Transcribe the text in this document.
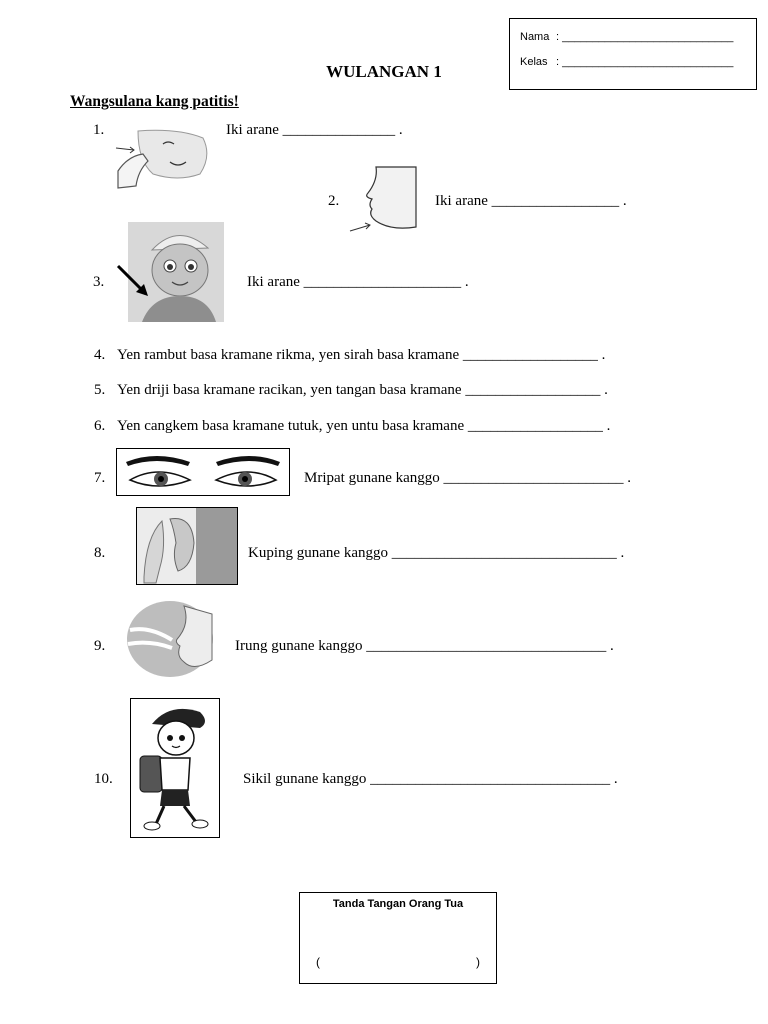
Nama : ____________________________
Kelas : ____________________________
WULANGAN 1
Wangsulana kang patitis!
1.	Iki arane _______________ .
2.	Iki arane _________________ .
3.	Iki arane _____________________ .
4. Yen rambut basa kramane rikma, yen sirah basa kramane __________________ .
5. Yen driji basa kramane racikan, yen tangan basa kramane __________________ .
6. Yen cangkem basa kramane tutuk, yen untu basa kramane __________________ .
7.	Mripat gunane kanggo ________________________ .
8.	Kuping gunane kanggo ______________________________ .
9.	Irung gunane kanggo ________________________________ .
10.	Sikil gunane kanggo ________________________________ .
Tanda Tangan Orang Tua
(	)
